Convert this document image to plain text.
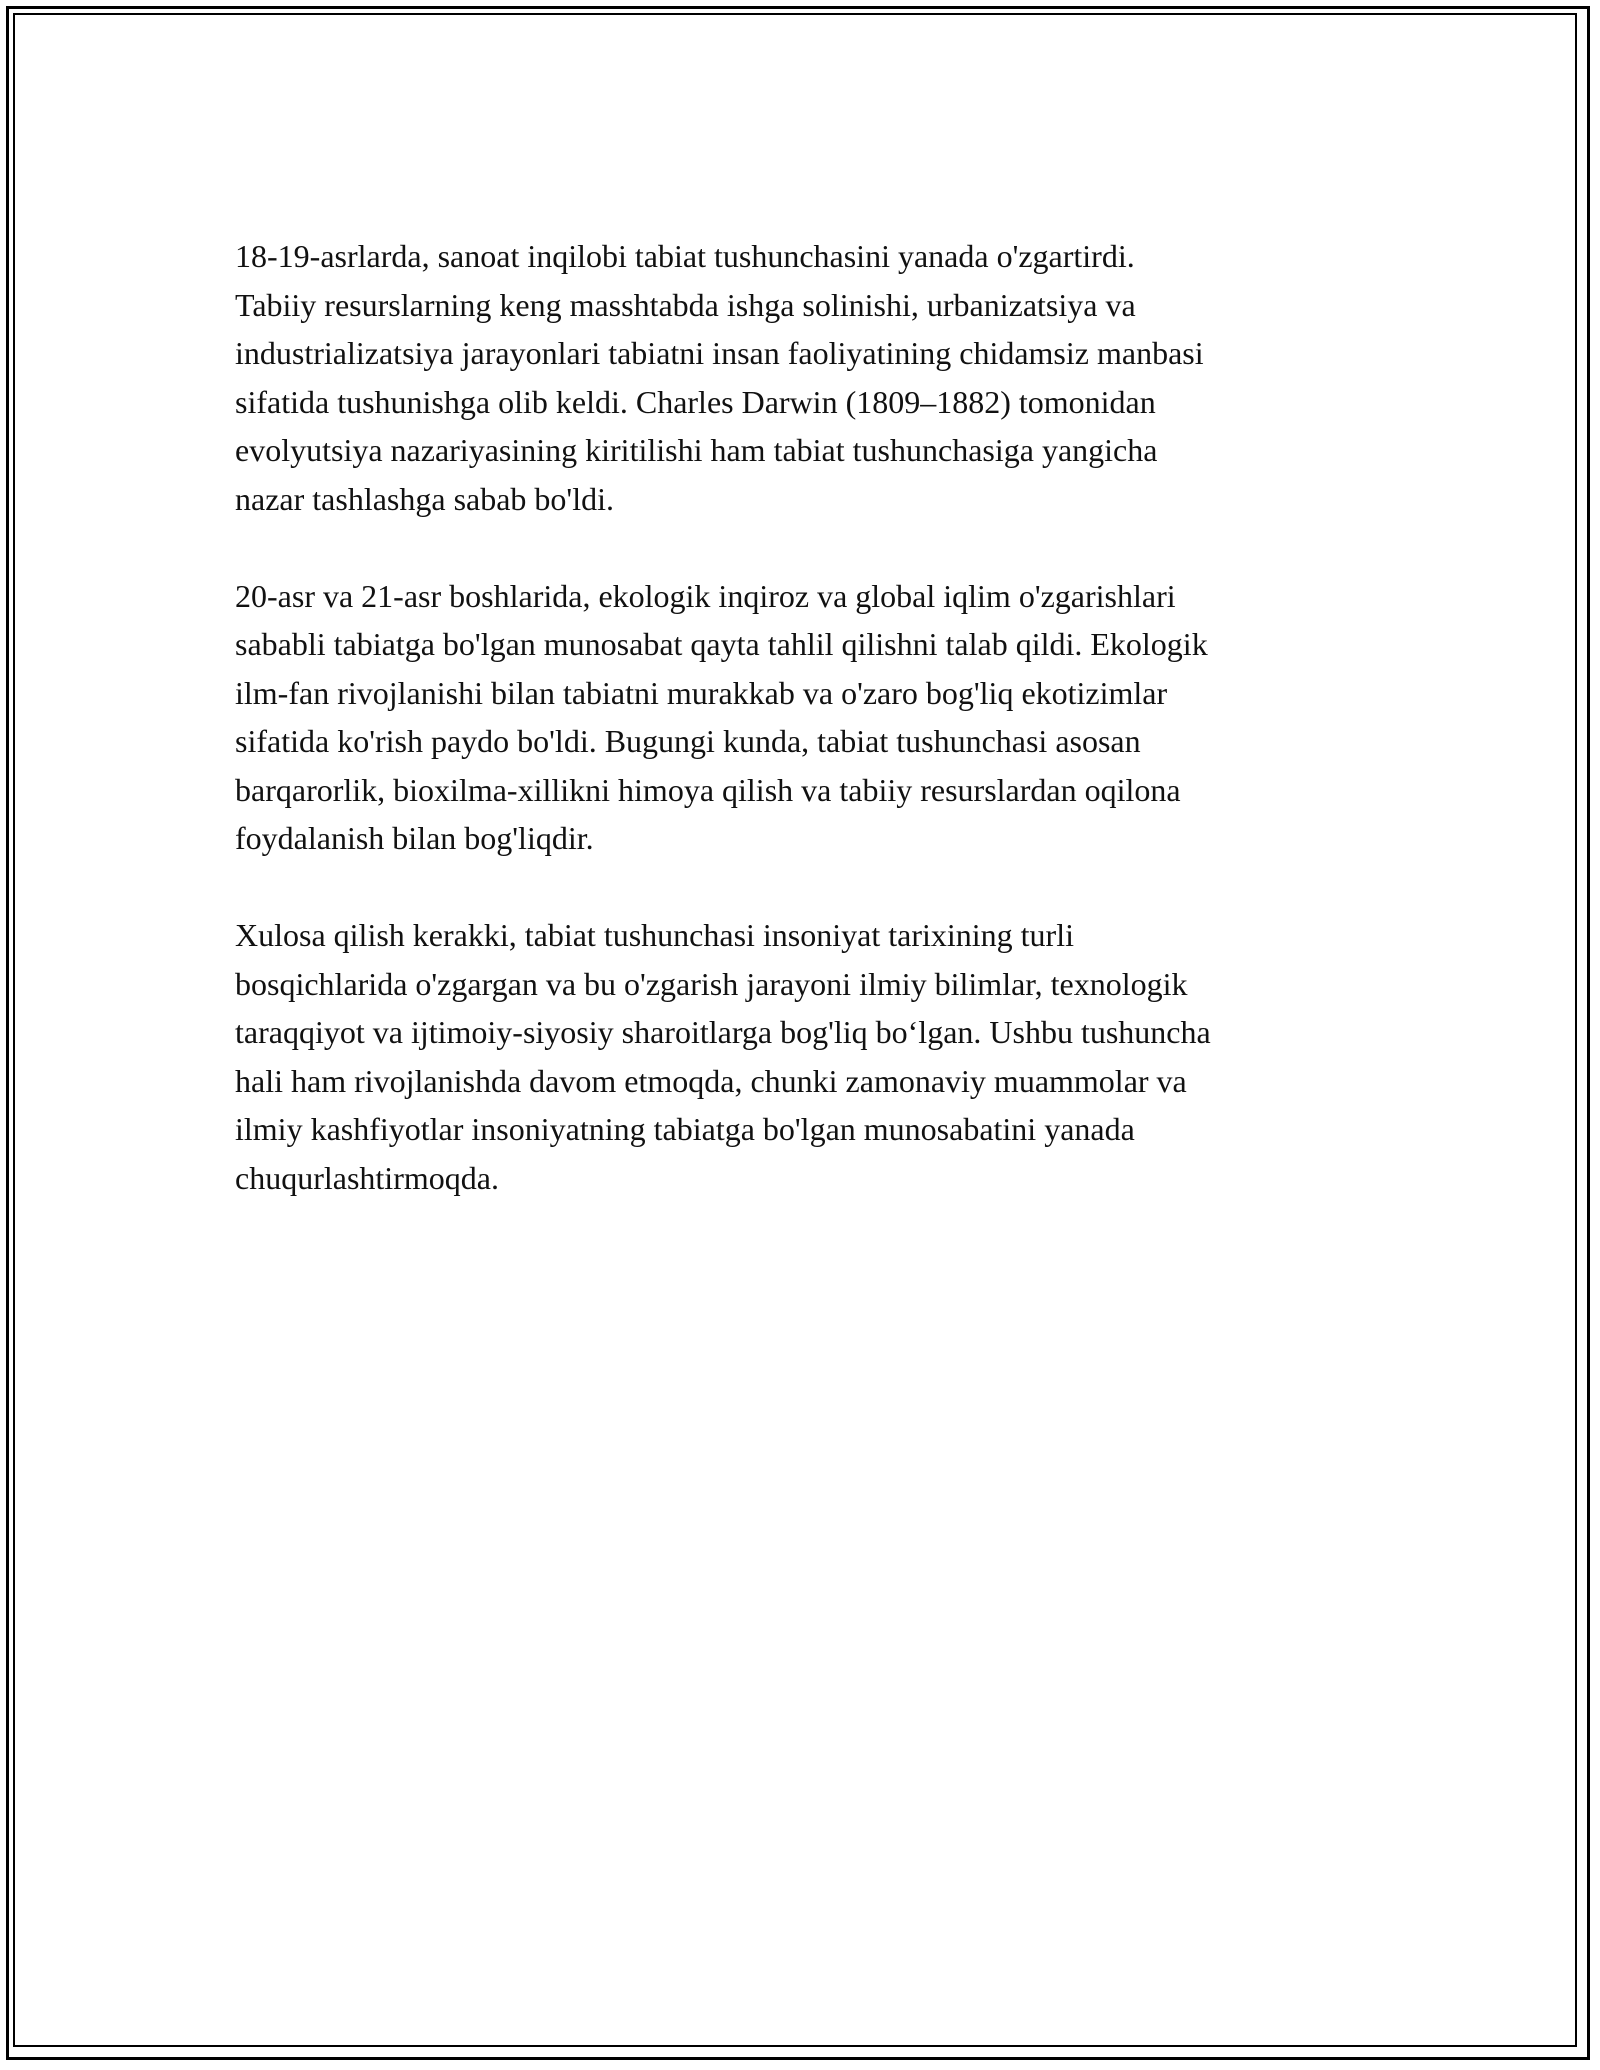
18-19-asrlarda, sanoat inqilobi tabiat tushunchasini yanada o'zgartirdi.
Tabiiy resurslarning keng masshtabda ishga solinishi, urbanizatsiya va
industrializatsiya jarayonlari tabiatni insan faoliyatining chidamsiz manbasi
sifatida tushunishga olib keldi. Charles Darwin (1809–1882) tomonidan
evolyutsiya nazariyasining kiritilishi ham tabiat tushunchasiga yangicha
nazar tashlashga sabab bo'ldi.

20-asr va 21-asr boshlarida, ekologik inqiroz va global iqlim o'zgarishlari
sababli tabiatga bo'lgan munosabat qayta tahlil qilishni talab qildi. Ekologik
ilm-fan rivojlanishi bilan tabiatni murakkab va o'zaro bog'liq ekotizimlar
sifatida ko'rish paydo bo'ldi. Bugungi kunda, tabiat tushunchasi asosan
barqarorlik, bioxilma-xillikni himoya qilish va tabiiy resurslardan oqilona
foydalanish bilan bog'liqdir.

Xulosa qilish kerakki, tabiat tushunchasi insoniyat tarixining turli
bosqichlarida o'zgargan va bu o'zgarish jarayoni ilmiy bilimlar, texnologik
taraqqiyot va ijtimoiy-siyosiy sharoitlarga bog'liq bo‘lgan. Ushbu tushuncha
hali ham rivojlanishda davom etmoqda, chunki zamonaviy muammolar va
ilmiy kashfiyotlar insoniyatning tabiatga bo'lgan munosabatini yanada
chuqurlashtirmoqda.
